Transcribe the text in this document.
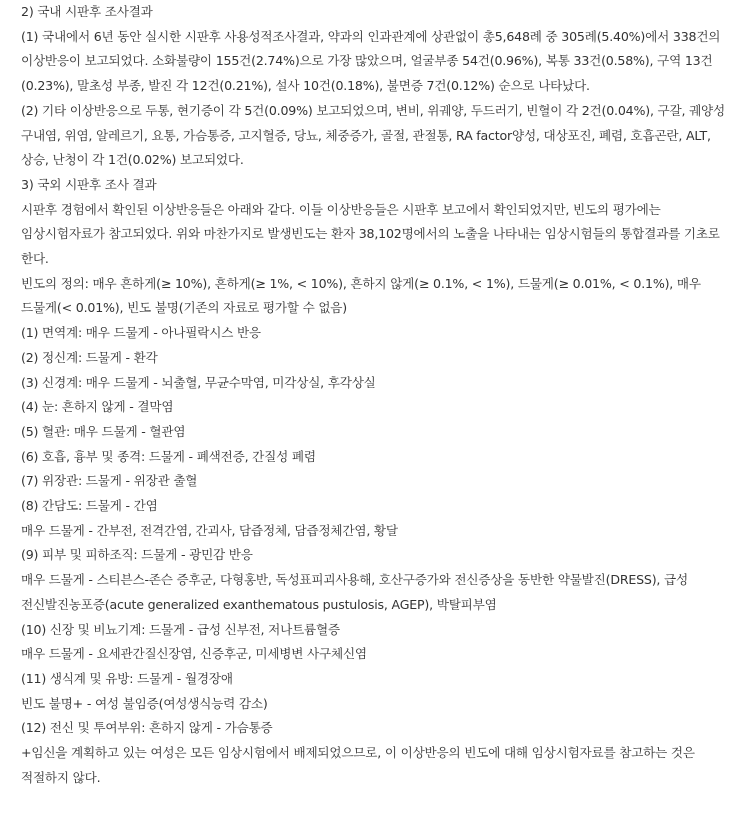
2) 국내 시판후 조사결과

(1) 국내에서 6년 동안 실시한 시판후 사용성적조사결과, 약과의 인과관계에 상관없이 총5,648례 중 305례(5.40%)에서 338건의 이상반응이 보고되었다. 소화불량이 155건(2.74%)으로 가장 많았으며, 얼굴부종 54건(0.96%), 복통 33건(0.58%), 구역 13건(0.23%), 말초성 부종, 발진 각 12건(0.21%), 설사 10건(0.18%), 불면증 7건(0.12%) 순으로 나타났다.

(2) 기타 이상반응으로 두통, 현기증이 각 5건(0.09%) 보고되었으며, 변비, 위궤양, 두드러기, 빈혈이 각 2건(0.04%), 구갈, 궤양성 구내염, 위염, 알레르기, 요통, 가슴통증, 고지혈증, 당뇨, 체중증가, 골절, 관절통, RA factor양성, 대상포진, 폐렴, 호흡곤란, ALT, 상승, 난청이 각 1건(0.02%) 보고되었다.

3) 국외 시판후 조사 결과

시판후 경험에서 확인된 이상반응들은 아래와 같다. 이들 이상반응들은 시판후 보고에서 확인되었지만, 빈도의 평가에는 임상시험자료가 참고되었다. 위와 마찬가지로 발생빈도는 환자 38,102명에서의 노출을 나타내는 임상시험들의 통합결과를 기초로 한다.

빈도의 정의: 매우 흔하게(≥ 10%), 흔하게(≥ 1%, < 10%), 흔하지 않게(≥ 0.1%, < 1%), 드물게(≥ 0.01%, < 0.1%), 매우 드물게(< 0.01%), 빈도 불명(기존의 자료로 평가할 수 없음)

(1) 면역계: 매우 드물게 - 아나필락시스 반응

(2) 정신계: 드물게 - 환각

(3) 신경계: 매우 드물게 - 뇌출혈, 무균수막염, 미각상실, 후각상실

(4) 눈: 흔하지 않게 - 결막염

(5) 혈관: 매우 드물게 - 혈관염

(6) 호흡, 흉부 및 종격: 드물게 - 폐색전증, 간질성 폐렴

(7) 위장관: 드물게 - 위장관 출혈

(8) 간담도: 드물게 - 간염

매우 드물게 - 간부전, 전격간염, 간괴사, 담즙정체, 담즙정체간염, 황달

(9) 피부 및 피하조직: 드물게 - 광민감 반응

매우 드물게 - 스티븐스-존슨 증후군, 다형홍반, 독성표피괴사용해, 호산구증가와 전신증상을 동반한 약물발진(DRESS), 급성 전신발진농포증(acute generalized exanthematous pustulosis, AGEP), 박탈피부염

(10) 신장 및 비뇨기계: 드물게 - 급성 신부전, 저나트륨혈증

매우 드물게 - 요세관간질신장염, 신증후군, 미세병변 사구체신염

(11) 생식계 및 유방: 드물게 - 월경장애

빈도 불명+ - 여성 불임증(여성생식능력 감소)

(12) 전신 및 투여부위: 흔하지 않게 - 가슴통증

+임신을 계획하고 있는 여성은 모든 임상시험에서 배제되었으므로, 이 이상반응의 빈도에 대해 임상시험자료를 참고하는 것은 적절하지 않다.
